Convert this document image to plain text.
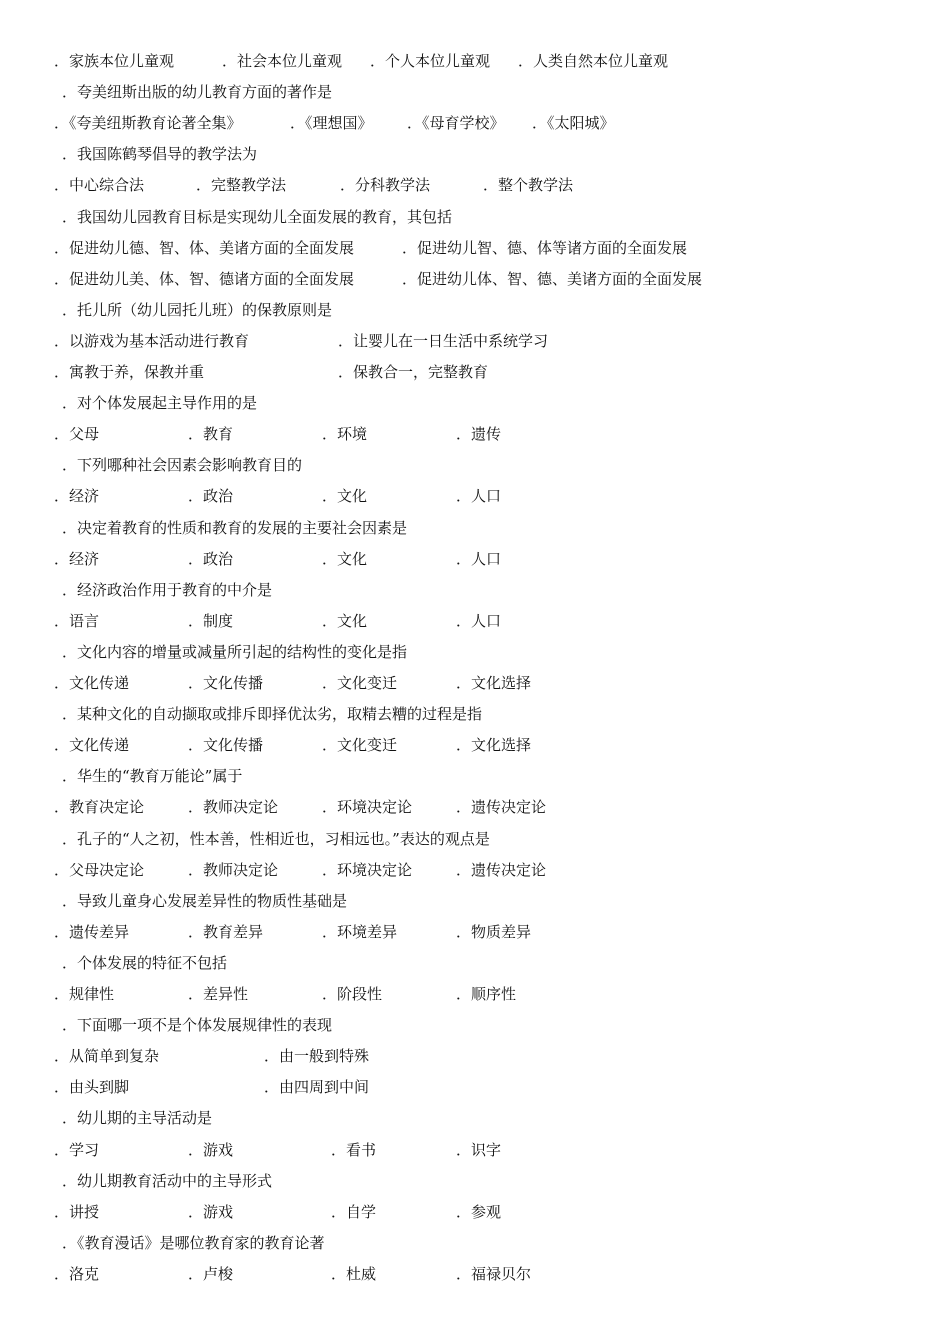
．家族本位儿童观	．社会本位儿童观 ．个人本位儿童观 ．人类自然本位儿童观
．夸美纽斯出版的幼儿教育方面的著作是
．《夸美纽斯教育论著全集》	．《理想国》 ．《母育学校》 ．《太阳城》
．我国陈鹤琴倡导的教学法为
．中心综合法	．完整教学法	．分科教学法	．整个教学法
．我国幼儿园教育目标是实现幼儿全面发展的教育，其包括
．促进幼儿德、智、体、美诸方面的全面发展	．促进幼儿智、德、体等诸方面的全面发展
．促进幼儿美、体、智、德诸方面的全面发展	．促进幼儿体、智、德、美诸方面的全面发展
．托儿所（幼儿园托儿班）的保教原则是
．以游戏为基本活动进行教育	．让婴儿在一日生活中系统学习
．寓教于养，保教并重	．保教合一，完整教育
．对个体发展起主导作用的是
．父母	．教育	．环境	．遗传
．下列哪种社会因素会影响教育目的
．经济	．政治	．文化	．人口
．决定着教育的性质和教育的发展的主要社会因素是
．经济	．政治	．文化	．人口
．经济政治作用于教育的中介是
．语言	．制度	．文化	．人口
．文化内容的增量或减量所引起的结构性的变化是指
．文化传递	．文化传播	．文化变迁	．文化选择
．某种文化的自动撷取或排斥即择优汰劣，取精去糟的过程是指
．文化传递	．文化传播	．文化变迁	．文化选择
．华生的“教育万能论”属于
．教育决定论	．教师决定论	．环境决定论	．遗传决定论
．孔子的“人之初，性本善，性相近也，习相远也。”表达的观点是
．父母决定论	．教师决定论	．环境决定论	．遗传决定论
．导致儿童身心发展差异性的物质性基础是
．遗传差异	．教育差异	．环境差异	．物质差异
．个体发展的特征不包括
．规律性	．差异性	．阶段性	．顺序性
．下面哪一项不是个体发展规律性的表现
．从简单到复杂	．由一般到特殊
．由头到脚	．由四周到中间
．幼儿期的主导活动是
．学习	．游戏	．看书	．识字
．幼儿期教育活动中的主导形式
．讲授	．游戏	．自学	．参观
．《教育漫话》是哪位教育家的教育论著
．洛克	．卢梭	．杜威	．福禄贝尔
